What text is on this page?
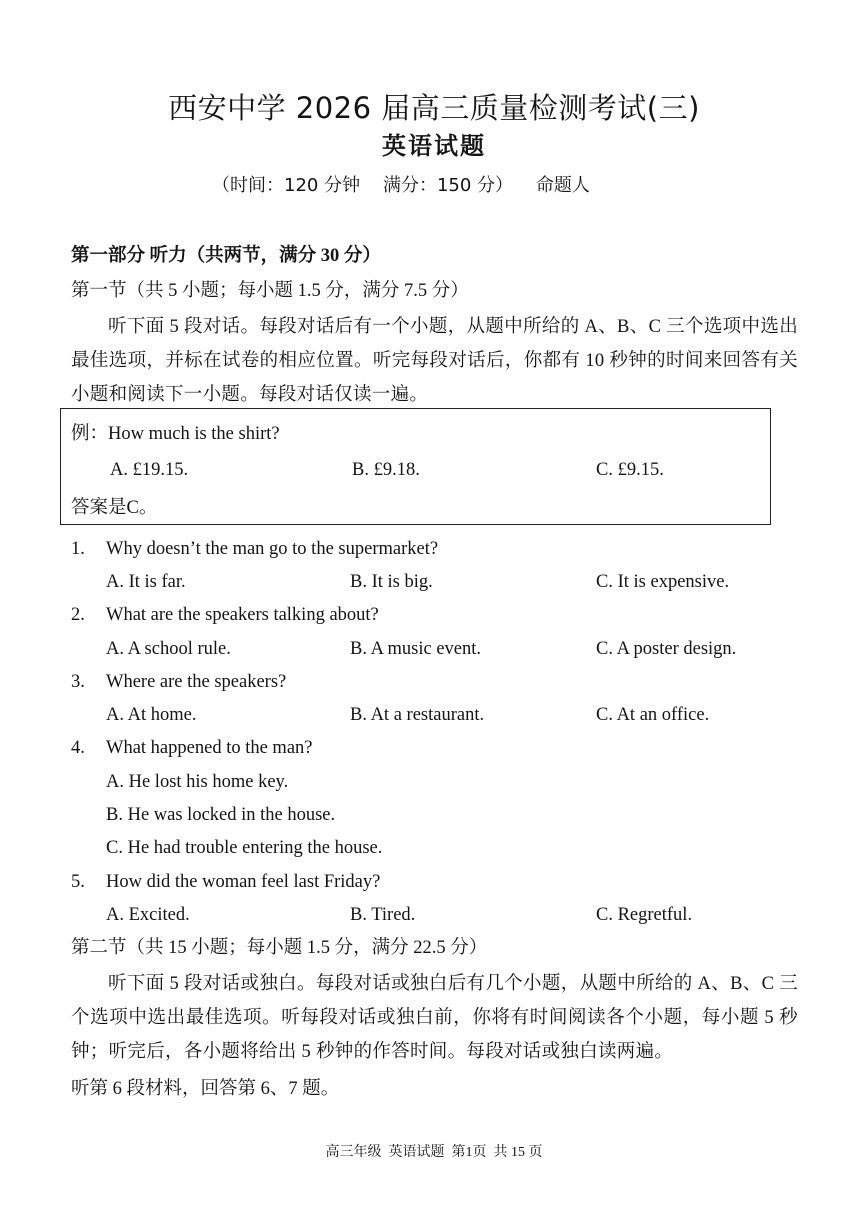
西安中学 2026 届高三质量检测考试(三)
英语试题
（时间：120 分钟    满分：150 分）    命题人
第一部分 听力（共两节，满分 30 分）
第一节（共 5 小题；每小题 1.5 分，满分 7.5 分）
听下面 5 段对话。每段对话后有一个小题，从题中所给的 A、B、C 三个选项中选出最佳选项，并标在试卷的相应位置。听完每段对话后，你都有 10 秒钟的时间来回答有关小题和阅读下一小题。每段对话仅读一遍。
例：How much is the shirt?
A. £19.15.	B. £9.18.	C. £9.15.
答案是C。
1. Why doesn’t the man go to the supermarket?
A. It is far.	B. It is big.	C. It is expensive.
2. What are the speakers talking about?
A. A school rule.	B. A music event.	C. A poster design.
3. Where are the speakers?
A. At home.	B. At a restaurant.	C. At an office.
4. What happened to the man?
A. He lost his home key.
B. He was locked in the house.
C. He had trouble entering the house.
5. How did the woman feel last Friday?
A. Excited.	B. Tired.	C. Regretful.
第二节（共 15 小题；每小题 1.5 分，满分 22.5 分）
听下面 5 段对话或独白。每段对话或独白后有几个小题，从题中所给的 A、B、C 三个选项中选出最佳选项。听每段对话或独白前，你将有时间阅读各个小题，每小题 5 秒钟；听完后，各小题将给出 5 秒钟的作答时间。每段对话或独白读两遍。
听第 6 段材料，回答第 6、7 题。
高三年级  英语试题  第1页  共 15 页
